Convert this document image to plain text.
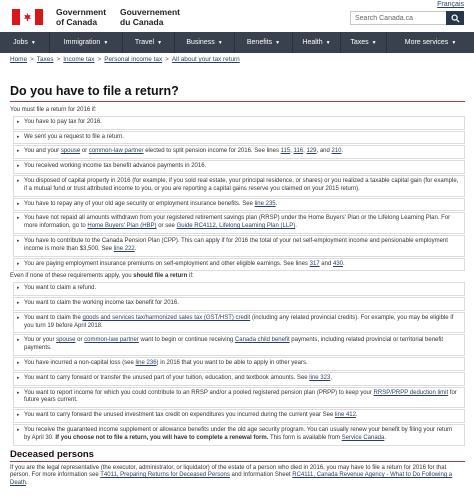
Government
of Canada
Gouvernement
du Canada
Français
Search Canada.ca
Jobs ▼	Immigration ▼	Travel ▼	Business ▼	Benefits ▼	Health ▼	Taxes ▼	More services ▼
Home > Taxes > Income tax > Personal income tax > All about your tax return
Do you have to file a return?

You must file a return for 2016 if:

▸ You have to pay tax for 2016.
▸ We sent you a request to file a return.
▸ You and your spouse or common-law partner elected to split pension income for 2016. See lines 115, 116, 129, and 210.
▸ You received working income tax benefit advance payments in 2016.
▸ You disposed of capital property in 2016 (for example, if you sold real estate, your principal residence, or shares) or you realized a taxable capital gain (for example, if a mutual fund or trust attributed income to you, or you are reporting a capital gains reserve you claimed on your 2015 return).
▸ You have to repay any of your old age security or employment insurance benefits. See line 235.
▸ You have not repaid all amounts withdrawn from your registered retirement savings plan (RRSP) under the Home Buyers' Plan or the Lifelong Learning Plan. For more information, go to Home Buyers' Plan (HBP) or see Guide RC4112, Lifelong Learning Plan (LLP).
▸ You have to contribute to the Canada Pension Plan (CPP). This can apply if for 2016 the total of your net self-employment income and pensionable employment income is more than $3,500. See line 222.
▸ You are paying employment insurance premiums on self-employment and other eligible earnings. See lines 317 and 430.

Even if none of these requirements apply, you should file a return if:

▸ You want to claim a refund.
▸ You want to claim the working income tax benefit for 2016.
▸ You want to claim the goods and services tax/harmonized sales tax (GST/HST) credit (including any related provincial credits). For example, you may be eligible if you turn 19 before April 2018.
▸ You or your spouse or common-law partner want to begin or continue receiving Canada child benefit payments, including related provincial or territorial benefit payments.
▸ You have incurred a non-capital loss (see line 236) in 2016 that you want to be able to apply in other years.
▸ You want to carry forward or transfer the unused part of your tuition, education, and textbook amounts. See line 323.
▸ You want to report income for which you could contribute to an RRSP and/or a pooled registered pension plan (PRPP) to keep your RRSP/PRPP deduction limit for future years current.
▸ You want to carry forward the unused investment tax credit on expenditures you incurred during the current year See line 412.
▸ You receive the guaranteed income supplement or allowance benefits under the old age security program. You can usually renew your benefit by filing your return by April 30. If you choose not to file a return, you will have to complete a renewal form. This form is available from Service Canada.
Deceased persons

If you are the legal representative (the executor, administrator, or liquidator) of the estate of a person who died in 2016, you may have to file a return for 2016 for that person. For more information see T4011, Preparing Returns for Deceased Persons and Information Sheet RC4111, Canada Revenue Agency - What to Do Following a Death.
